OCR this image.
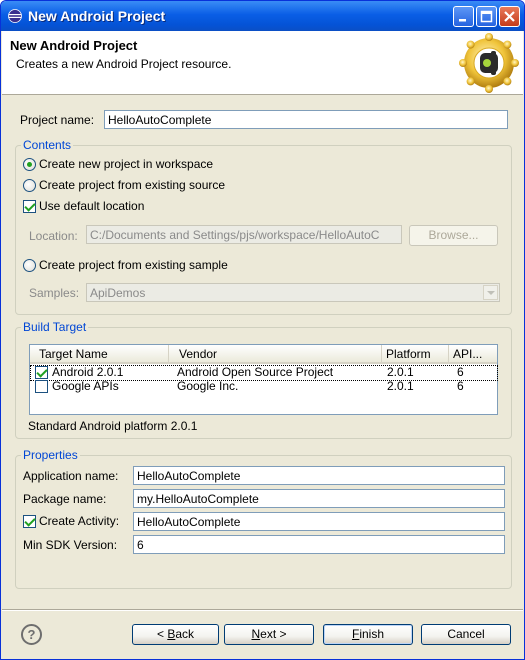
New Android Project
New Android Project
Creates a new Android Project resource.
Project name:	HelloAutoComplete
Contents
Create new project in workspace
Create project from existing source
Use default location
Location:	C:/Documents and Settings/pjs/workspace/HelloAutoC	Browse...
Create project from existing sample
Samples: ApiDemos
Build Target
Target Name	Vendor	Platform	API...
Android 2.0.1	Android Open Source Project	2.0.1	6
Google APIs	Google Inc.	2.0.1	6
Standard Android platform 2.0.1
Properties
Application name:	HelloAutoComplete
Package name:	my.HelloAutoComplete
Create Activity:	HelloAutoComplete
Min SDK Version:	6
?	< Back	Next >	Finish	Cancel
